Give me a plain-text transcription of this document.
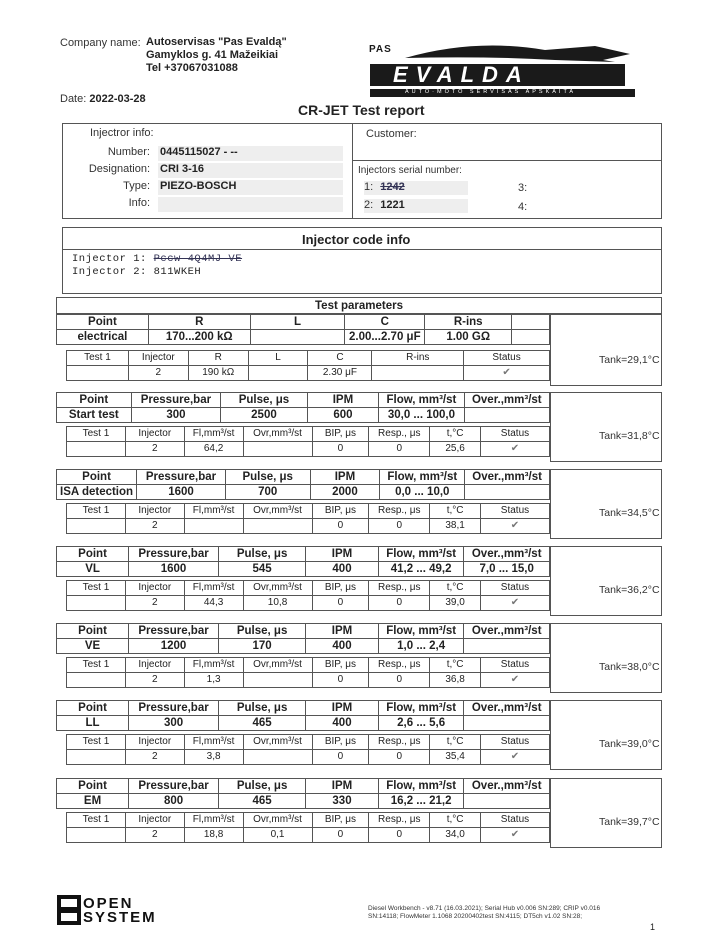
Company name: Autoservisas "Pas Evaldą"
Gamyklos g. 41 Mažeikiai
Tel +37067031088
Date: 2022-03-28
PAS
EVALDA
AUTO·MOTO SERVISAS APSKAITA
CR-JET Test report
Injectror info:
Number: 0445115027 - --
Designation: CRI 3-16
Type: PIEZO-BOSCH
Info:
Customer:
Injectors serial number:
1: 1242
2: 1221
3:
4:
Injector code info
Injector 1: Pccw 4Q4MJ VE
Injector 2: 811WKEH
Test parameters
Point	R	L	C	R-ins	
electrical	170...200 kΩ		2.00...2.70 μF	1.00 GΩ	
Test 1	Injector	R	L	C	R-ins	Status
	2	190 kΩ		2.30 μF		✔
Tank=29,1°C
Point	Pressure,bar	Pulse, μs	IPM	Flow, mm³/st	Over.,mm³/st
Start test	300	2500	600	30,0 ... 100,0	
Test 1	Injector	Fl,mm³/st	Ovr,mm³/st	BIP, μs	Resp., μs	t,°C	Status
	2	64,2		0	0	25,6	✔
Tank=31,8°C
Point	Pressure,bar	Pulse, μs	IPM	Flow, mm³/st	Over.,mm³/st
ISA detection	1600	700	2000	0,0 ... 10,0	
Test 1	Injector	Fl,mm³/st	Ovr,mm³/st	BIP, μs	Resp., μs	t,°C	Status
	2			0	0	38,1	✔
Tank=34,5°C
Point	Pressure,bar	Pulse, μs	IPM	Flow, mm³/st	Over.,mm³/st
VL	1600	545	400	41,2 ... 49,2	7,0 ... 15,0
Test 1	Injector	Fl,mm³/st	Ovr,mm³/st	BIP, μs	Resp., μs	t,°C	Status
	2	44,3	10,8	0	0	39,0	✔
Tank=36,2°C
Point	Pressure,bar	Pulse, μs	IPM	Flow, mm³/st	Over.,mm³/st
VE	1200	170	400	1,0 ... 2,4	
Test 1	Injector	Fl,mm³/st	Ovr,mm³/st	BIP, μs	Resp., μs	t,°C	Status
	2	1,3		0	0	36,8	✔
Tank=38,0°C
Point	Pressure,bar	Pulse, μs	IPM	Flow, mm³/st	Over.,mm³/st
LL	300	465	400	2,6 ... 5,6	
Test 1	Injector	Fl,mm³/st	Ovr,mm³/st	BIP, μs	Resp., μs	t,°C	Status
	2	3,8		0	0	35,4	✔
Tank=39,0°C
Point	Pressure,bar	Pulse, μs	IPM	Flow, mm³/st	Over.,mm³/st
EM	800	465	330	16,2 ... 21,2	
Test 1	Injector	Fl,mm³/st	Ovr,mm³/st	BIP, μs	Resp., μs	t,°C	Status
	2	18,8	0,1	0	0	34,0	✔
Tank=39,7°C
OPEN
SYSTEM
Diesel Workbench - v8.71 (16.03.2021); Serial Hub v0.006 SN:289; CRIP v0.016
SN:14118; FlowMeter 1.1068 20200402test SN:4115; DT5ch v1.02 SN:28;
1
